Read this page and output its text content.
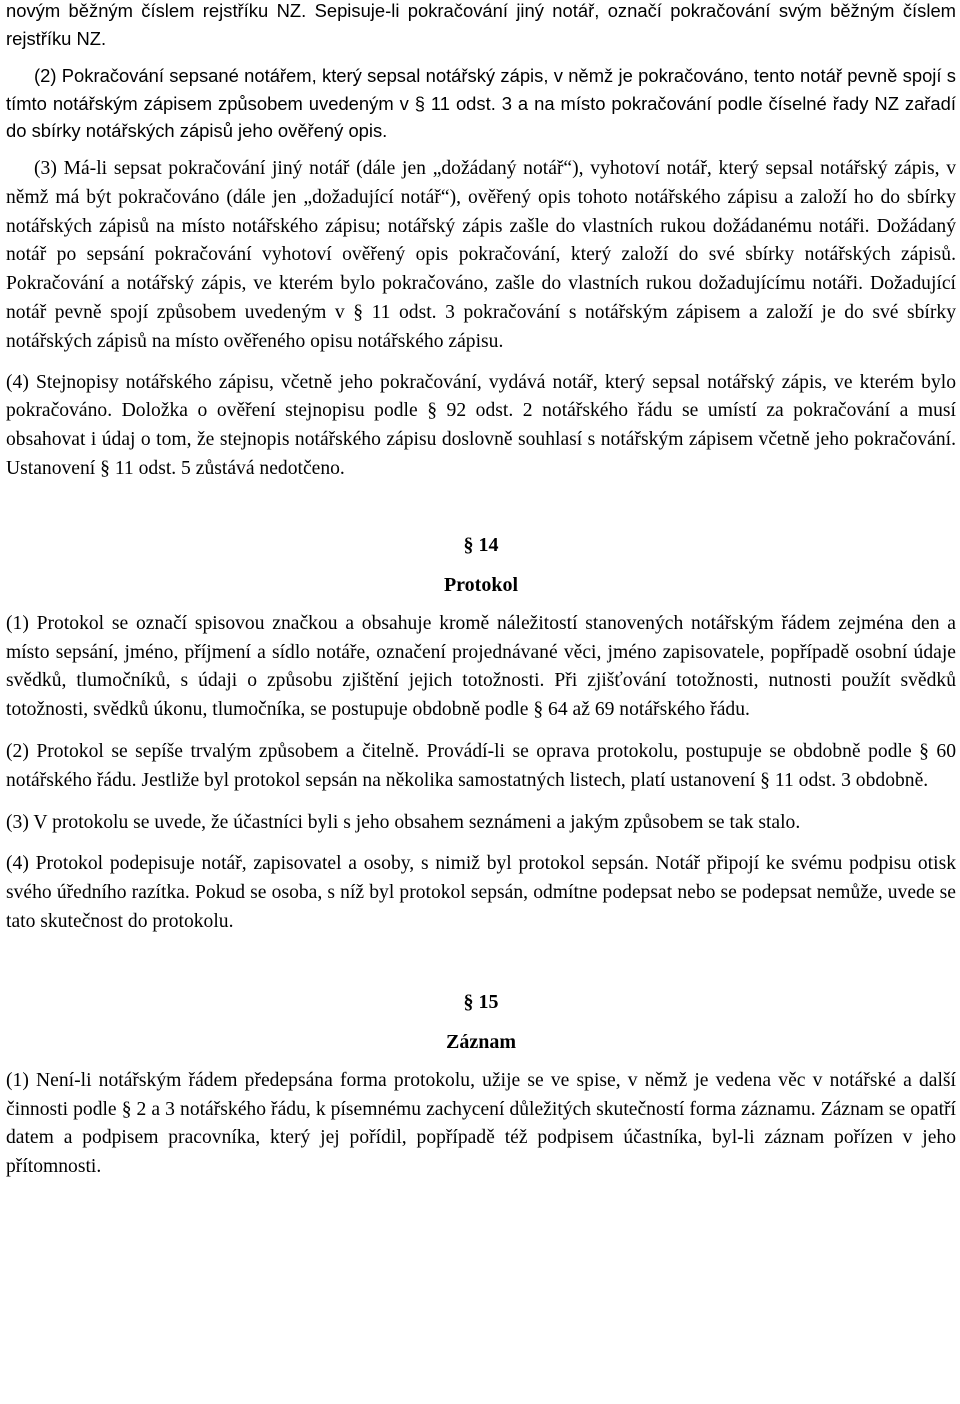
novým běžným číslem rejstříku NZ. Sepisuje-li pokračování jiný notář, označí pokračování svým běžným číslem rejstříku NZ.

(2) Pokračování sepsané notářem, který sepsal notářský zápis, v němž je pokračováno, tento notář pevně spojí s tímto notářským zápisem způsobem uvedeným v § 11 odst. 3 a na místo pokračování podle číselné řady NZ zařadí do sbírky notářských zápisů jeho ověřený opis.

(3) Má-li sepsat pokračování jiný notář (dále jen „dožádaný notář“), vyhotoví notář, který sepsal notářský zápis, v němž má být pokračováno (dále jen „dožadující notář“), ověřený opis tohoto notářského zápisu a založí ho do sbírky notářských zápisů na místo notářského zápisu; notářský zápis zašle do vlastních rukou dožádanému notáři. Dožádaný notář po sepsání pokračování vyhotoví ověřený opis pokračování, který založí do své sbírky notářských zápisů. Pokračování a notářský zápis, ve kterém bylo pokračováno, zašle do vlastních rukou dožadujícímu notáři. Dožadující notář pevně spojí způsobem uvedeným v § 11 odst. 3 pokračování s notářským zápisem a založí je do své sbírky notářských zápisů na místo ověřeného opisu notářského zápisu.

(4) Stejnopisy notářského zápisu, včetně jeho pokračování, vydává notář, který sepsal notářský zápis, ve kterém bylo pokračováno. Doložka o ověření stejnopisu podle § 92 odst. 2 notářského řádu se umístí za pokračování a musí obsahovat i údaj o tom, že stejnopis notářského zápisu doslovně souhlasí s notářským zápisem včetně jeho pokračování. Ustanovení § 11 odst. 5 zůstává nedotčeno.

§ 14
Protokol

(1) Protokol se označí spisovou značkou a obsahuje kromě náležitostí stanovených notářským řádem zejména den a místo sepsání, jméno, příjmení a sídlo notáře, označení projednávané věci, jméno zapisovatele, popřípadě osobní údaje svědků, tlumočníků, s údaji o způsobu zjištění jejich totožnosti. Při zjišťování totožnosti, nutnosti použít svědků totožnosti, svědků úkonu, tlumočníka, se postupuje obdobně podle § 64 až 69 notářského řádu.

(2) Protokol se sepíše trvalým způsobem a čitelně. Provádí-li se oprava protokolu, postupuje se obdobně podle § 60 notářského řádu. Jestliže byl protokol sepsán na několika samostatných listech, platí ustanovení § 11 odst. 3 obdobně.

(3) V protokolu se uvede, že účastníci byli s jeho obsahem seznámeni a jakým způsobem se tak stalo.

(4) Protokol podepisuje notář, zapisovatel a osoby, s nimiž byl protokol sepsán. Notář připojí ke svému podpisu otisk svého úředního razítka. Pokud se osoba, s níž byl protokol sepsán, odmítne podepsat nebo se podepsat nemůže, uvede se tato skutečnost do protokolu.

§ 15
Záznam

(1) Není-li notářským řádem předepsána forma protokolu, užije se ve spise, v němž je vedena věc v notářské a další činnosti podle § 2 a 3 notářského řádu, k písemnému zachycení důležitých skutečností forma záznamu. Záznam se opatří datem a podpisem pracovníka, který jej pořídil, popřípadě též podpisem účastníka, byl-li záznam pořízen v jeho přítomnosti.
